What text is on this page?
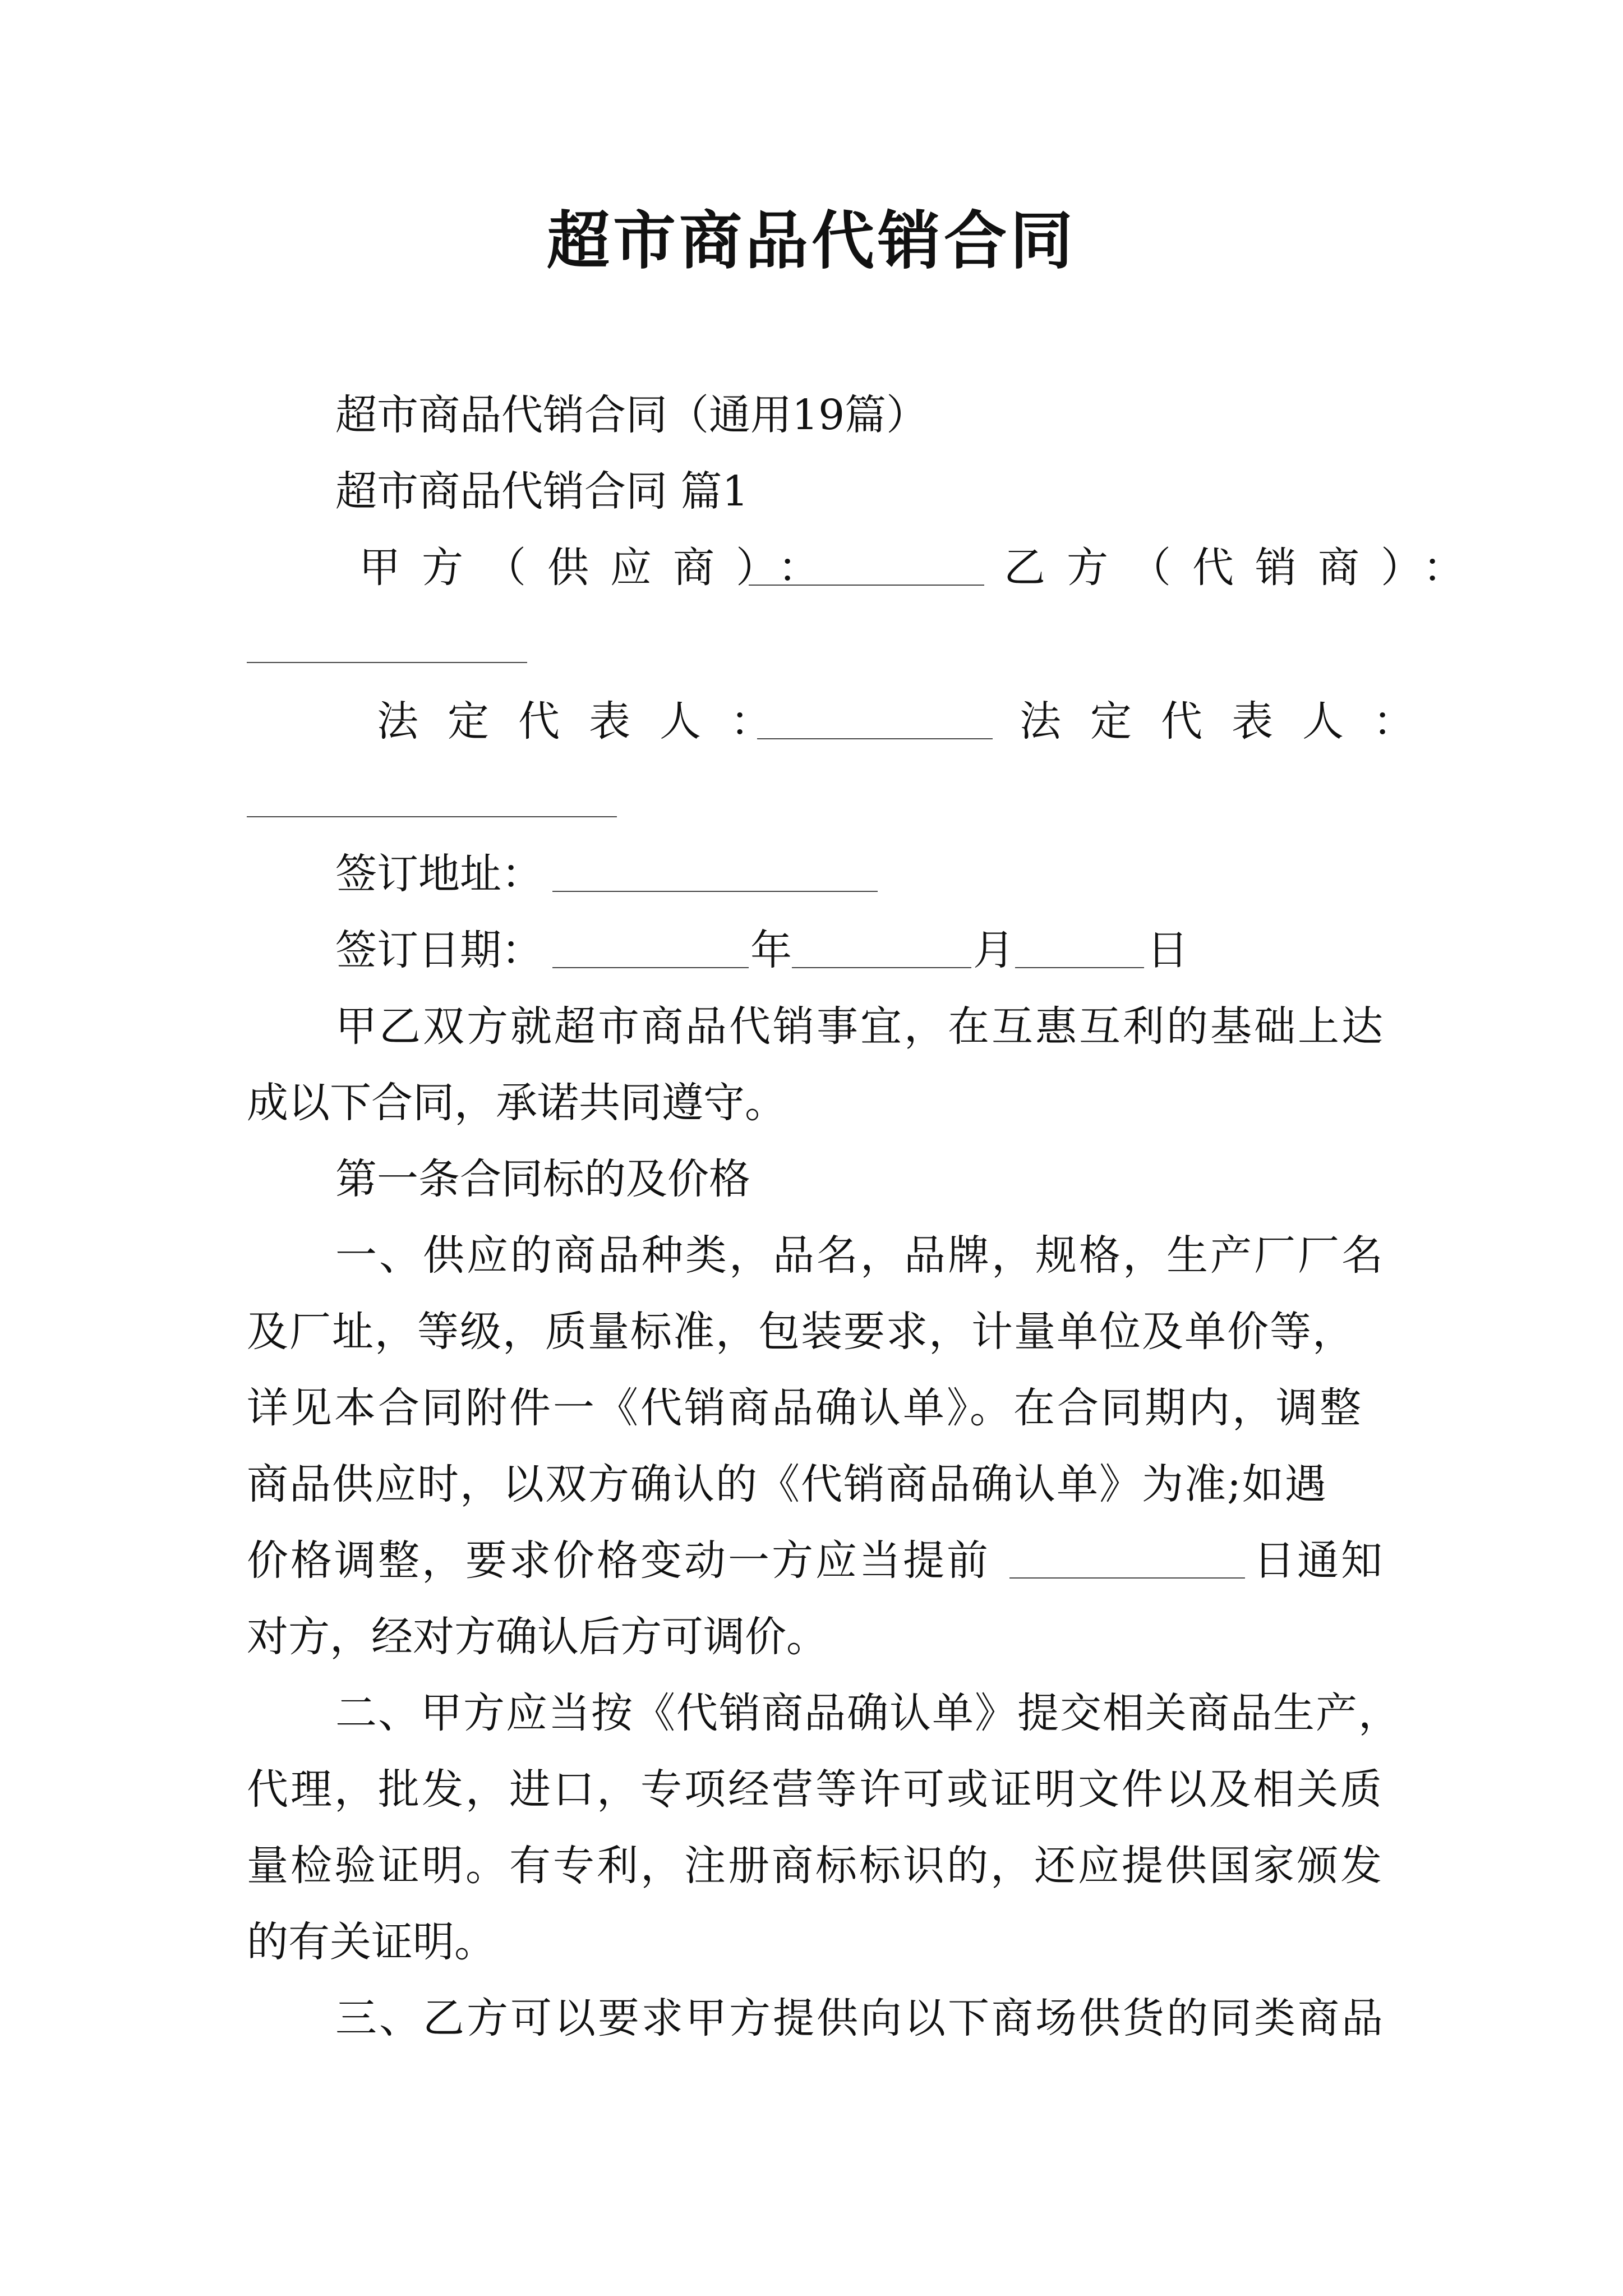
超市商品代销合同
超市商品代销合同（通用19篇）
超市商品代销合同 篇1
甲方（供应商）：	乙方（代销商）：
法定代表人：	法定代表人：
签订地址：
签订日期：	年	月	日
甲乙双方就超市商品代销事宜，在互惠互利的基础上达
成以下合同，承诺共同遵守。
第一条合同标的及价格
一、供应的商品种类，品名，品牌，规格，生产厂厂名
及厂址，等级，质量标准，包装要求，计量单位及单价等，
详见本合同附件一《代销商品确认单》。在合同期内，调整
商品供应时，以双方确认的《代销商品确认单》为准;如遇
价格调整，要求价格变动一方应当提前	日通知
对方，经对方确认后方可调价。
二、甲方应当按《代销商品确认单》提交相关商品生产，
代理，批发，进口，专项经营等许可或证明文件以及相关质
量检验证明。有专利，注册商标标识的，还应提供国家颁发
的有关证明。
三、乙方可以要求甲方提供向以下商场供货的同类商品
